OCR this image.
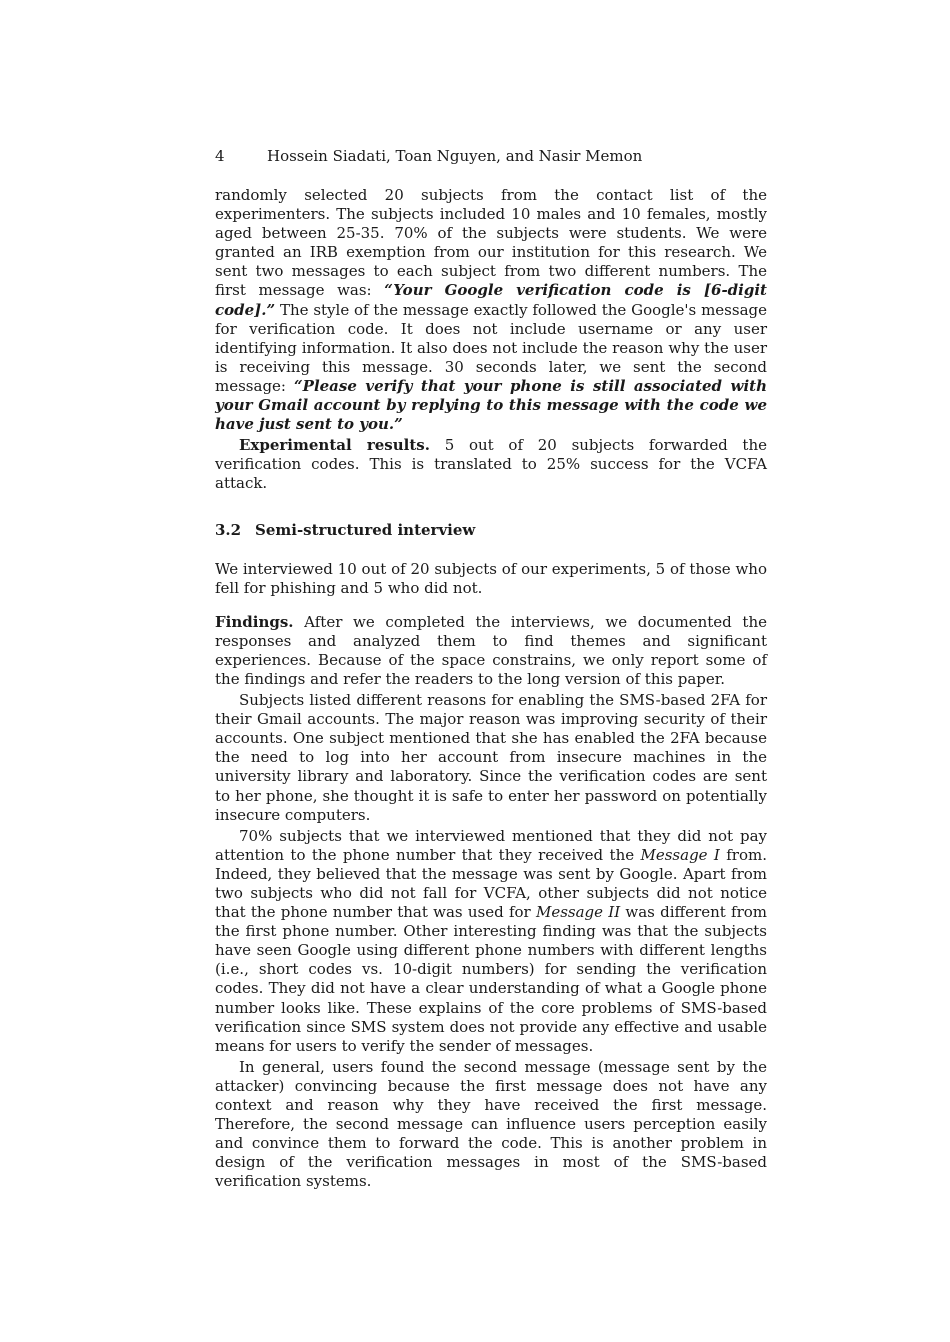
4	Hossein Siadati, Toan Nguyen, and Nasir Memon

randomly selected 20 subjects from the contact list of the experimenters. The subjects included 10 males and 10 females, mostly aged between 25-35. 70% of the subjects were students. We were granted an IRB exemption from our institution for this research. We sent two messages to each subject from two different numbers. The first message was: “Your Google verification code is [6-digit code].” The style of the message exactly followed the Google's message for verification code. It does not include username or any user identifying information. It also does not include the reason why the user is receiving this message. 30 seconds later, we sent the second message: “Please verify that your phone is still associated with your Gmail account by replying to this message with the code we have just sent to you.”

Experimental results. 5 out of 20 subjects forwarded the verification codes. This is translated to 25% success for the VCFA attack.

3.2 Semi-structured interview

We interviewed 10 out of 20 subjects of our experiments, 5 of those who fell for phishing and 5 who did not.

Findings. After we completed the interviews, we documented the responses and analyzed them to find themes and significant experiences. Because of the space constrains, we only report some of the findings and refer the readers to the long version of this paper.

Subjects listed different reasons for enabling the SMS-based 2FA for their Gmail accounts. The major reason was improving security of their accounts. One subject mentioned that she has enabled the 2FA because the need to log into her account from insecure machines in the university library and laboratory. Since the verification codes are sent to her phone, she thought it is safe to enter her password on potentially insecure computers.

70% subjects that we interviewed mentioned that they did not pay attention to the phone number that they received the Message I from. Indeed, they believed that the message was sent by Google. Apart from two subjects who did not fall for VCFA, other subjects did not notice that the phone number that was used for Message II was different from the first phone number. Other interesting finding was that the subjects have seen Google using different phone numbers with different lengths (i.e., short codes vs. 10-digit numbers) for sending the verification codes. They did not have a clear understanding of what a Google phone number looks like. These explains of the core problems of SMS-based verification since SMS system does not provide any effective and usable means for users to verify the sender of messages.

In general, users found the second message (message sent by the attacker) convincing because the first message does not have any context and reason why they have received the first message. Therefore, the second message can influence users perception easily and convince them to forward the code. This is another problem in design of the verification messages in most of the SMS-based verification systems.
